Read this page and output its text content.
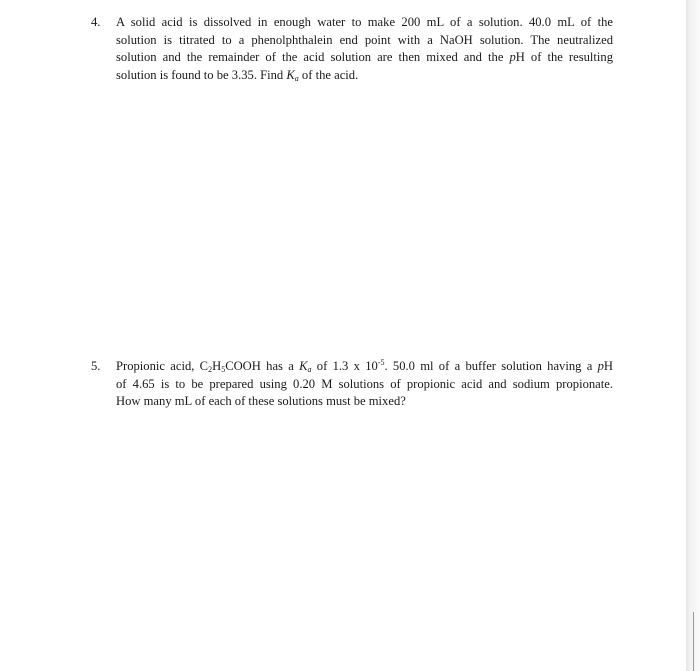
4. A solid acid is dissolved in enough water to make 200 mL of a solution. 40.0 mL of the
solution is titrated to a phenolphthalein end point with a NaOH solution. The neutralized
solution and the remainder of the acid solution are then mixed and the pH of the resulting
solution is found to be 3.35. Find $K_a$ of the acid.
5. Propionic acid, $C_2H_5COOH$ has a $K_a$ of 1.3 x $10^{-5}$. 50.0 ml of a buffer solution having a pH
of 4.65 is to be prepared using 0.20 M solutions of propionic acid and sodium propionate.
How many mL of each of these solutions must be mixed?
